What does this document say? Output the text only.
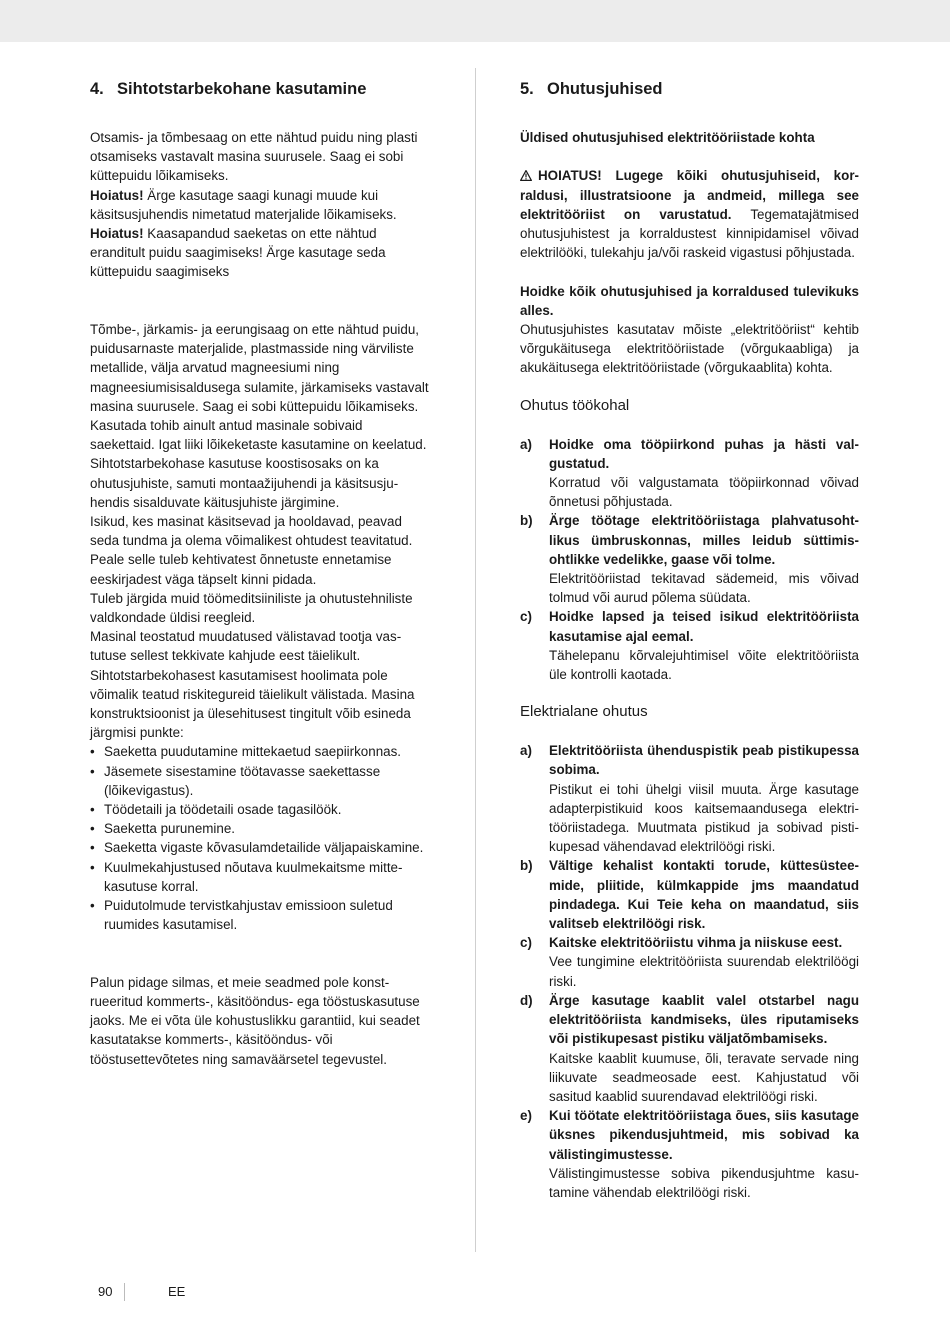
4. Sihtotstarbekohane kasutamine

Otsamis- ja tõmbesaag on ette nähtud puidu ning plasti otsamiseks vastavalt masina suurusele. Saag ei sobi küttepuidu lõikamiseks.

Hoiatus! Ärge kasutage saagi kunagi muude kui käsitsusjuhendis nimetatud materjalide lõikamiseks.

Hoiatus! Kaasapandud saeketas on ette nähtud eranditult puidu saagimiseks! Ärge kasutage seda küttepuidu saagimiseks

Tõmbe-, järkamis- ja eerungisaag on ette nähtud puidu, puidusarnaste materjalide, plastmasside ning värviliste metallide, välja arvatud magneesiumi ning magneesiumisisaldusega sulamite, järkamiseks vastavalt masina suurusele. Saag ei sobi küttepuidu lõikamiseks.

Kasutada tohib ainult antud masinale sobivaid saekettaid. Igat liiki lõikeketaste kasutamine on keelatud.

Sihtotstarbekohase kasutuse koostisosaks on ka ohutusjuhiste, samuti montaažijuhendi ja käsitsusjuhendis sisalduvate käitusjuhiste järgimine.

Isikud, kes masinat käsitsevad ja hooldavad, peavad seda tundma ja olema võimalikest ohtudest teavitatud.

Peale selle tuleb kehtivatest õnnetuste ennetamise eeskirjadest väga täpselt kinni pidada.

Tuleb järgida muid töömeditsiiniliste ja ohutustehniliste valdkondade üldisi reegleid.

Masinal teostatud muudatused välistavad tootja vastutuse sellest tekkivate kahjude eest täielikult.

Sihtotstarbekohasest kasutamisest hoolimata pole võimalik teatud riskitegureid täielikult välistada. Masina konstruktsioonist ja ülesehitusest tingitult võib esineda järgmisi punkte:

• Saeketta puudutamine mittekaetud saepiirkonnas.
• Jäsemete sisestamine töötavasse saekettasse (lõikevigastus).
• Töödetaili ja töödetaili osade tagasilöök.
• Saeketta purunemine.
• Saeketta vigaste kõvasulamdetailide väljapaiskamine.
• Kuulmekahjustused nõutava kuulmekaitsme mittekasutuse korral.
• Puidutolmude tervistkahjustav emissioon suletud ruumides kasutamisel.

Palun pidage silmas, et meie seadmed pole konstrueeritud kommerts-, käsitööndus- ega tööstuskasutuse jaoks. Me ei võta üle kohustuslikku garantiid, kui seadet kasutatakse kommerts-, käsitööndus- või tööstusettevõtetes ning samaväärsetel tegevustel.

5. Ohutusjuhised

Üldised ohutusjuhised elektritööriistade kohta

HOIATUS! Lugege kõiki ohutusjuhiseid, korraldusi, illustratsioone ja andmeid, millega see elektritööriist on varustatud. Tegematajätmised ohutusjuhistest ja korraldustest kinnipidamisel võivad elektrilööki, tulekahju ja/või raskeid vigastusi põhjustada.

Hoidke kõik ohutusjuhised ja korraldused tulevikuks alles.

Ohutusjuhistes kasutatav mõiste „elektritööriist“ kehtib võrgukäitusega elektritööriistade (võrgukaabliga) ja akukäitusega elektritööriistade (võrgukaablita) kohta.

Ohutus töökohal
a)	Hoidke oma tööpiirkond puhas ja hästi valgustatud.

Korratud või valgustamata tööpiirkonnad võivad õnnetusi põhjustada.

b)	Ärge töötage elektritööriistaga plahvatusohtlikus ümbruskonnas, milles leidub süttimisohtlikke vedelikke, gaase või tolme.

Elektritööriistad tekitavad sädemeid, mis võivad tolmud või aurud põlema süüdata.

c)	Hoidke lapsed ja teised isikud elektritööriista kasutamise ajal eemal.

Tähelepanu kõrvalejuhtimisel võite elektritööriista üle kontrolli kaotada.

Elektrialane ohutus
a)	Elektritööriista ühenduspistik peab pistikupessa sobima.

Pistikut ei tohi ühelgi viisil muuta. Ärge kasutage adapterpistikuid koos kaitsemaandusega elektritööriistadega. Muutmata pistikud ja sobivad pistikupesad vähendavad elektrilöögi riski.

b)	Vältige kehalist kontakti torude, küttesüsteemide, pliitide, külmkappide jms maandatud pindadega. Kui Teie keha on maandatud, siis valitseb elektrilöögi risk.

c)	Kaitske elektritööriistu vihma ja niiskuse eest.

Vee tungimine elektritööriista suurendab elektrilöögi riski.

d)	Ärge kasutage kaablit valel otstarbel nagu elektritööriista kandmiseks, üles riputamiseks või pistikupesast pistiku väljatõmbamiseks.

Kaitske kaablit kuumuse, õli, teravate servade ning liikuvate seadmeosade eest. Kahjustatud või sasitud kaablid suurendavad elektrilöögi riski.

e)	Kui töötate elektritööriistaga õues, siis kasutage üksnes pikendusjuhtmeid, mis sobivad ka välistingimustesse.

Välistingimustesse sobiva pikendusjuhtme kasutamine vähendab elektrilöögi riski.

90	EE
